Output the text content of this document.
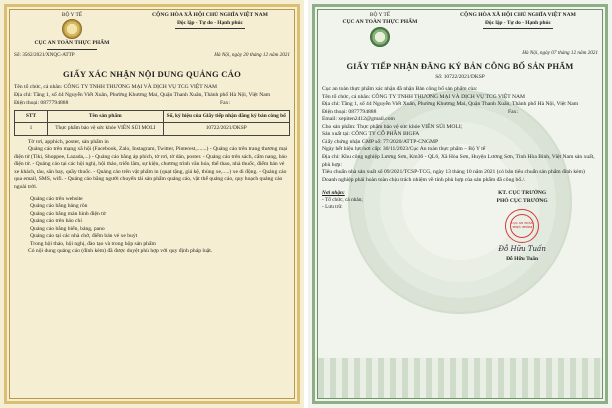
BỘ Y TẾ
CỤC AN TOÀN THỰC PHẨM
CỘNG HÒA XÃ HỘI CHỦ NGHĨA VIỆT NAM
Độc lập - Tự do - Hạnh phúc
Số: 3562/2021/XNQC-ATTP	Hà Nội, ngày 20 tháng 12 năm 2021
GIẤY XÁC NHẬN NỘI DUNG QUẢNG CÁO

Tên tổ chức, cá nhân: CÔNG TY TNHH THƯƠNG MẠI VÀ DỊCH VỤ TCG VIỆT NAM

Địa chỉ: Tầng 1, số 44 Nguyễn Viết Xuân, Phường Khương Mai, Quận Thanh Xuân, Thành phố Hà Nội, Việt Nam

Điện thoại: 0877794888	Fax:

STT	Tên sản phẩm	Số, ký hiệu của Giấy tiếp nhận đăng ký bản công bố
1	Thực phẩm bảo vệ sức khỏe VIÊN SỦI MOLI	10722/2021/DKSP

Tờ rơi, apphich, poster, sản phẩm in

Quảng cáo trên mạng xã hội (Facebook, Zalo, Instagram, Twitter, Pinterest,.......) - Quảng cáo trên trang thương mại điện tử (Tiki, Shoppee, Lazada,...) - Quảng cáo bằng áp phích, tờ rơi, tờ dán, poster. - Quảng cáo trên sách, cẩm nang, báo điện tử. - Quảng cáo tại các hội nghị, hội thảo, triển lãm, sự kiện, chương trình văn hóa, thể thao, nhà thuốc, điểm bán vé xe khách, tàu, sân bay, quầy thuốc. - Quảng cáo trên vật phẩm in (quạt tặng, giá kệ, thùng xe,.....) xe di động. - Quảng cáo qua email, SMS, wifi. - Quảng cáo bằng người chuyển tải sản phẩm quảng cáo, vật thể quảng cáo, quy hoạch quảng cáo ngoài trời.

Quảng cáo trên website

Quảng cáo bằng bảng rôn

Quảng cáo bằng màn hình điện tử

Quảng cáo trên báo chí

Quảng cáo bằng biển, bảng, pano

Quảng cáo tại các nhà chờ, điểm bán vé xe buýt

Trong hội thảo, hội nghị, đào tạo và trong hộp sản phẩm

Có nội dung quảng cáo (đính kèm) đã được duyệt phù hợp với quy định pháp luật.

BỘ Y TẾ
CỤC AN TOÀN THỰC PHẨM
CỘNG HÒA XÃ HỘI CHỦ NGHĨA VIỆT NAM
Độc lập - Tự do - Hạnh phúc
Hà Nội, ngày 07 tháng 12 năm 2021
GIẤY TIẾP NHẬN ĐĂNG KÝ BẢN CÔNG BỐ SẢN PHẨM
Số: 10722/2021/DKSP

Cục an toàn thực phẩm xác nhận đã nhận Bản công bố sản phẩm của:

Tên tổ chức, cá nhân: CÔNG TY TNHH THƯƠNG MẠI VÀ DỊCH VỤ TCG VIỆT NAM

Địa chỉ: Tầng 1, số 44 Nguyễn Viết Xuân, Phường Khương Mai, Quận Thanh Xuân, Thành phố Hà Nội, Việt Nam

Điện thoại: 0877794888	Fax:

Email: xepiten2412@gmail.com

Cho sản phẩm: Thực phẩm bảo vệ sức khỏe VIÊN SỦI MOLI;

Sản xuất tại: CÔNG TY CỔ PHẦN BIGFA

Giấy chứng nhận GMP số: 77/2020/ATTP-CNGMP

Ngày hết hiệu lực/nơi cấp: 30/11/2023/Cục An toàn thực phẩm – Bộ Y tế

Địa chỉ: Khu công nghiệp Lương Sơn, Km36 - QL6, Xã Hòa Sơn, Huyện Lương Sơn, Tỉnh Hòa Bình, Việt Nam sản xuất, phù hợp:

Tiêu chuẩn nhà sản xuất số 09/2021/TCSP-TCG, ngày 13 tháng 10 năm 2021 (có bản tiêu chuẩn sản phẩm đính kèm)

Doanh nghiệp phải hoàn toàn chịu trách nhiệm về tính phù hợp của sản phẩm đã công bố./.

Nơi nhận:
- Tổ chức, cá nhân;
- Lưu trữ.
KT. CỤC TRƯỞNG
PHÓ CỤC TRƯỞNG
CỤC AN TOÀN THỰC PHẨM
Đỗ Hữu Tuấn
Đỗ Hữu Tuấn
